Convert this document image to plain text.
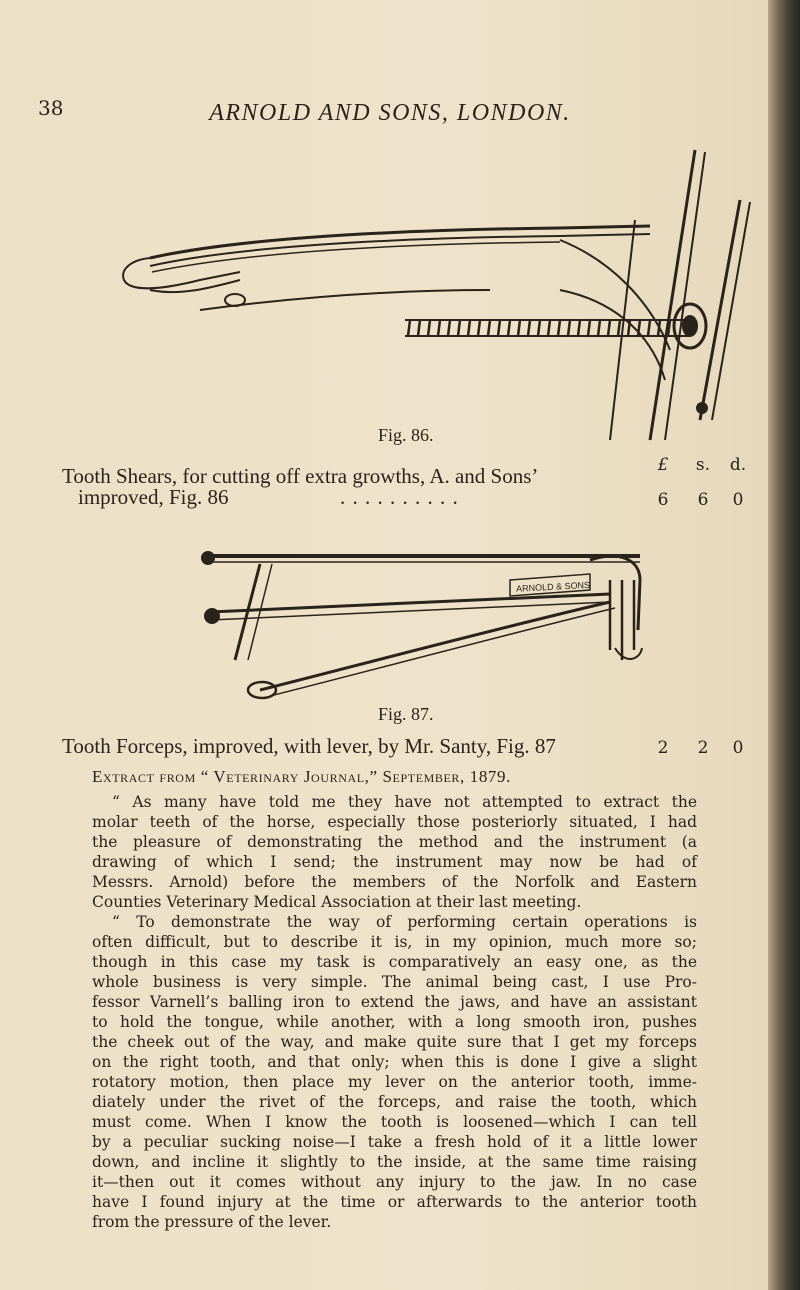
38	ARNOLD AND SONS, LONDON.
Fig. 86.
£ s. d.
Tooth Shears, for cutting off extra growths, A. and Sons’
improved, Fig. 86	. . . . . . . . . .	6 6 0
ARNOLD & SONS
Fig. 87.
Tooth Forceps, improved, with lever, by Mr. Santy, Fig. 87	2 2 0
Extract from “ Veterinary Journal,” September, 1879.
“ As many have told me they have not attempted to extract the
molar teeth of the horse, especially those posteriorly situated, I had
the pleasure of demonstrating the method and the instrument (a
drawing of which I send; the instrument may now be had of
Messrs. Arnold) before the members of the Norfolk and Eastern
Counties Veterinary Medical Association at their last meeting.
“ To demonstrate the way of performing certain operations is
often difficult, but to describe it is, in my opinion, much more so;
though in this case my task is comparatively an easy one, as the
whole business is very simple. The animal being cast, I use Pro-
fessor Varnell’s balling iron to extend the jaws, and have an assistant
to hold the tongue, while another, with a long smooth iron, pushes
the cheek out of the way, and make quite sure that I get my forceps
on the right tooth, and that only; when this is done I give a slight
rotatory motion, then place my lever on the anterior tooth, imme-
diately under the rivet of the forceps, and raise the tooth, which
must come. When I know the tooth is loosened—which I can tell
by a peculiar sucking noise—I take a fresh hold of it a little lower
down, and incline it slightly to the inside, at the same time raising
it—then out it comes without any injury to the jaw. In no case
have I found injury at the time or afterwards to the anterior tooth
from the pressure of the lever.
